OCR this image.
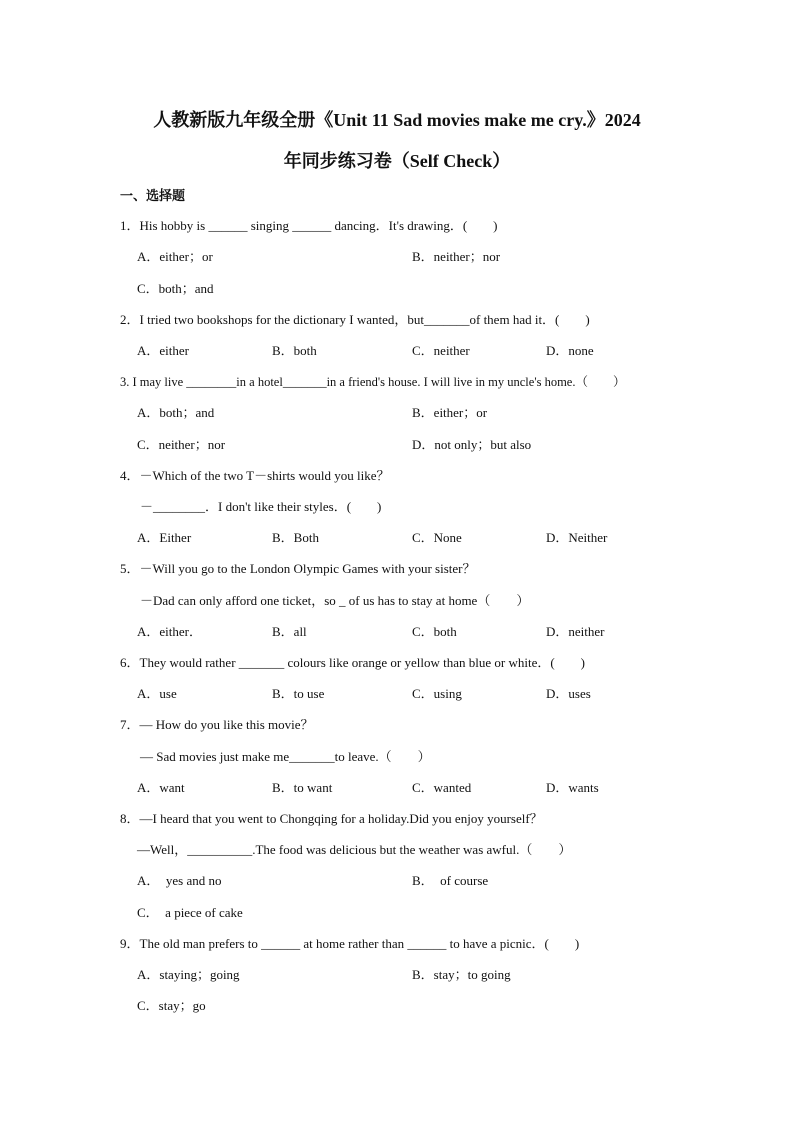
人教新版九年级全册《Unit 11 Sad movies make me cry.》2024
年同步练习卷（Self Check）
一、选择题
1．His hobby is ______ singing ______ dancing．It's drawing．(　　)
A．either；or	B．neither；nor
C．both；and
2．I tried two bookshops for the dictionary I wanted，but_______of them had it．(　　)
A．either	B．both	C．neither	D．none
3. I may live ________in a hotel_______in a friend's house. I will live in my uncle's home.（　　）
A．both；and	B．either；or
C．neither；nor	D．not only；but also
4．－Which of the two T－shirts would you like？
－________．I don't like their styles．(　　)
A．Either	B．Both	C．None	D．Neither
5．－Will you go to the London Olympic Games with your sister？
－Dad can only afford one ticket，so _ of us has to stay at home（　　）
A．either．	B．all	C．both	D．neither
6．They would rather _______ colours like orange or yellow than blue or white．(　　)
A．use	B．to use	C．using	D．uses
7．— How do you like this movie？
— Sad movies just make me_______to leave.（　　）
A．want	B．to want	C．wanted	D．wants
8．—I heard that you went to Chongqing for a holiday.Did you enjoy yourself？
—Well，__________.The food was delicious but the weather was awful.（　　）
A．　yes and no	B．　of course
C．　a piece of cake
9．The old man prefers to ______ at home rather than ______ to have a picnic．(　　)
A．staying；going	B．stay；to going
C．stay；go
